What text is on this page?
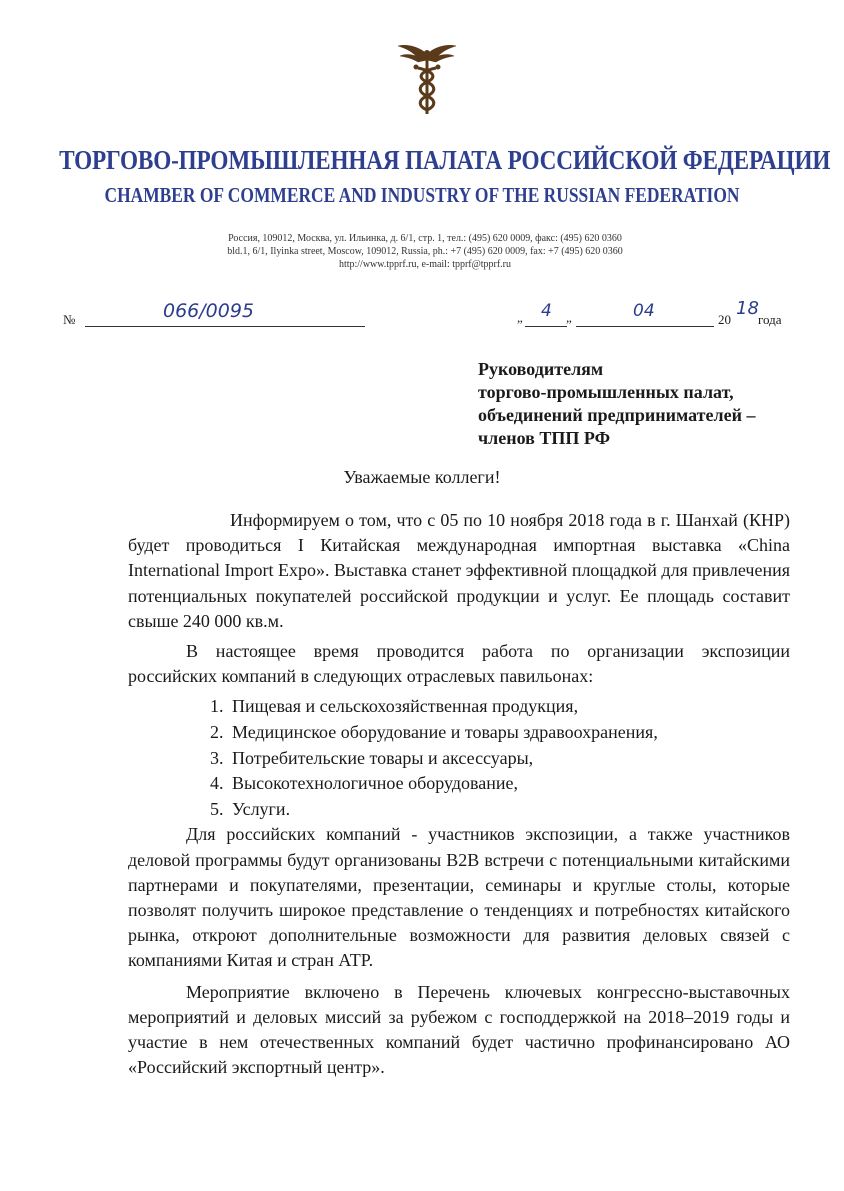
ТОРГОВО-ПРОМЫШЛЕННАЯ ПАЛАТА РОССИЙСКОЙ ФЕДЕРАЦИИ
CHAMBER OF COMMERCE AND INDUSTRY OF THE RUSSIAN FEDERATION
Россия, 109012, Москва, ул. Ильинка, д. 6/1, стр. 1, тел.: (495) 620 0009, факс: (495) 620 0360
bld.1, 6/1, Ilyinka street, Moscow, 109012, Russia, ph.: +7 (495) 620 0009, fax: +7 (495) 620 0360
http://www.tpprf.ru, e-mail: tpprf@tpprf.ru
№	066/0095	„ 4 „	04	20
18
года
Руководителям
торгово-промышленных палат,
объединений предпринимателей –
членов ТПП РФ
Уважаемые коллеги!

Информируем о том, что с 05 по 10 ноября 2018 года в г. Шанхай (КНР) будет проводиться I Китайская международная импортная выставка «China International Import Expo». Выставка станет эффективной площадкой для привлечения потенциальных покупателей российской продукции и услуг. Ее площадь составит свыше 240 000 кв.м.

В настоящее время проводится работа по организации экспозиции российских компаний в следующих отраслевых павильонах:

1. Пищевая и сельскохозяйственная продукция,
2. Медицинское оборудование и товары здравоохранения,
3. Потребительские товары и аксессуары,
4. Высокотехнологичное оборудование,
5. Услуги.

Для российских компаний - участников экспозиции, а также участников деловой программы будут организованы B2B встречи с потенциальными китайскими партнерами и покупателями, презентации, семинары и круглые столы, которые позволят получить широкое представление о тенденциях и потребностях китайского рынка, откроют дополнительные возможности для развития деловых связей с компаниями Китая и стран АТР.

Мероприятие включено в Перечень ключевых конгрессно-выставочных мероприятий и деловых миссий за рубежом с господдержкой на 2018–2019 годы и участие в нем отечественных компаний будет частично профинансировано АО «Российский экспортный центр».
